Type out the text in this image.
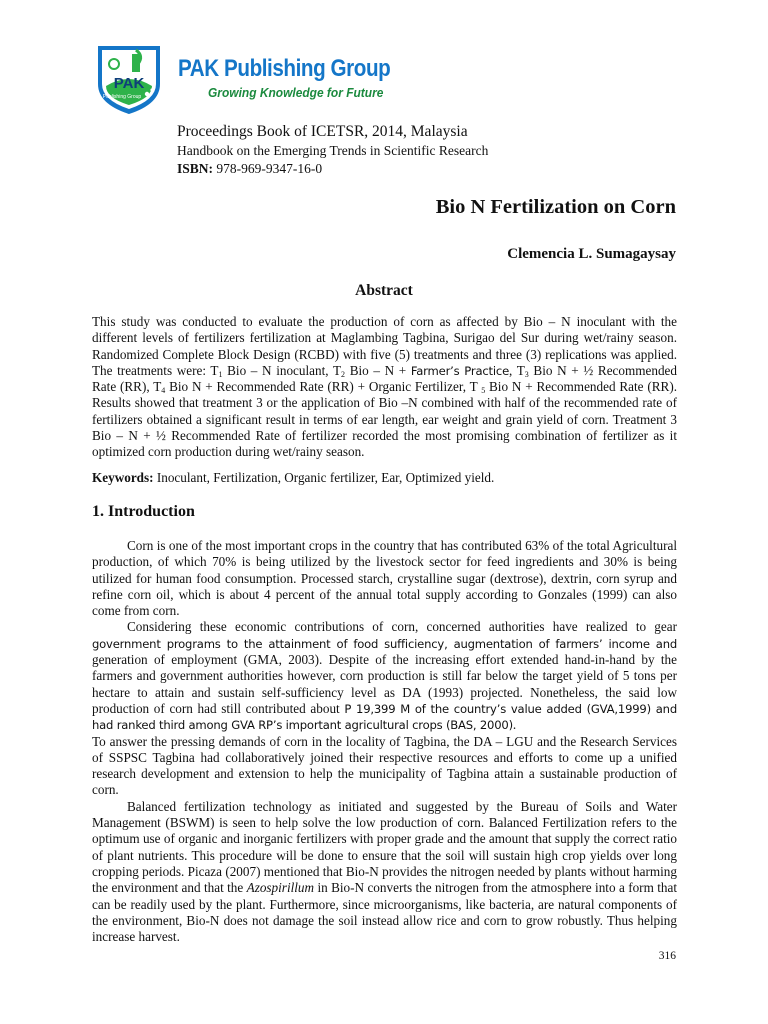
PAK
Publishing Group
PAK Publishing Group
Growing Knowledge for Future
Proceedings Book of ICETSR, 2014, Malaysia
Handbook on the Emerging Trends in Scientific Research
ISBN: 978-969-9347-16-0
Bio N Fertilization on Corn
Clemencia L. Sumagaysay
Abstract
This study was conducted to evaluate the production of corn as affected by Bio – N inoculant with the different levels of fertilizers fertilization at Maglambing Tagbina, Surigao del Sur during wet/rainy season. Randomized Complete Block Design (RCBD) with five (5) treatments and three (3) replications was applied. The treatments were: $T_1$ Bio – N inoculant, $T_2$ Bio – N + Farmer’s Practice, $T_3$ Bio N + ½ Recommended Rate (RR), $T_4$ Bio N + Recommended Rate (RR) + Organic Fertilizer, T $_5$ Bio N + Recommended Rate (RR). Results showed that treatment 3 or the application of Bio –N combined with half of the recommended rate of fertilizers obtained a significant result in terms of ear length, ear weight and grain yield of corn. Treatment 3 Bio – N + ½ Recommended Rate of fertilizer recorded the most promising combination of fertilizer as it optimized corn production during wet/rainy season.
Keywords: Inoculant, Fertilization, Organic fertilizer, Ear, Optimized yield.
1. Introduction

Corn is one of the most important crops in the country that has contributed 63% of the total Agricultural production, of which 70% is being utilized by the livestock sector for feed ingredients and 30% is being utilized for human food consumption. Processed starch, crystalline sugar (dextrose), dextrin, corn syrup and refine corn oil, which is about 4 percent of the annual total supply according to Gonzales (1999) can also come from corn.

Considering these economic contributions of corn, concerned authorities have realized to gear government programs to the attainment of food sufficiency, augmentation of farmers’ income and generation of employment (GMA, 2003). Despite of the increasing effort extended hand-in-hand by the farmers and government authorities however, corn production is still far below the target yield of 5 tons per hectare to attain and sustain self-sufficiency level as DA (1993) projected. Nonetheless, the said low production of corn had still contributed about P 19,399 M of the country’s value added (GVA,1999) and had ranked third among GVA RP’s important agricultural crops (BAS, 2000).

To answer the pressing demands of corn in the locality of Tagbina, the DA – LGU and the Research Services of SSPSC Tagbina had collaboratively joined their respective resources and efforts to come up a unified research development and extension to help the municipality of Tagbina attain a sustainable production of corn.

Balanced fertilization technology as initiated and suggested by the Bureau of Soils and Water Management (BSWM) is seen to help solve the low production of corn. Balanced Fertilization refers to the optimum use of organic and inorganic fertilizers with proper grade and the amount that supply the correct ratio of plant nutrients. This procedure will be done to ensure that the soil will sustain high crop yields over long cropping periods. Picaza (2007) mentioned that Bio-N provides the nitrogen needed by plants without harming the environment and that the Azospirillum in Bio-N converts the nitrogen from the atmosphere into a form that can be readily used by the plant. Furthermore, since microorganisms, like bacteria, are natural components of the environment, Bio-N does not damage the soil instead allow rice and corn to grow robustly. Thus helping increase harvest.

316
